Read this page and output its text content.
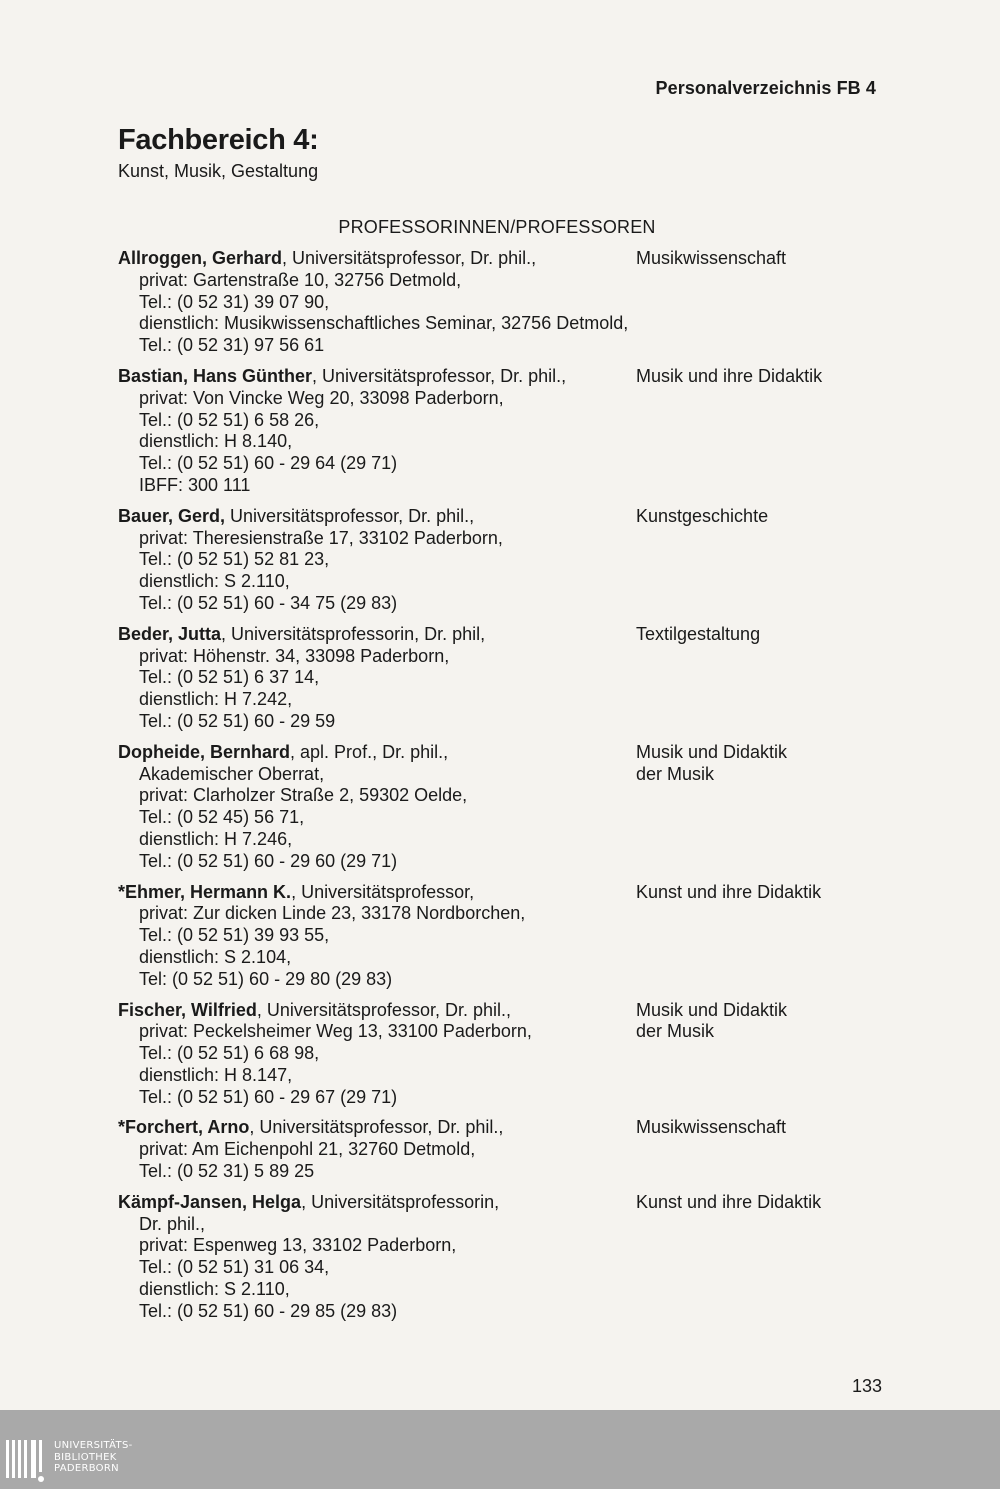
Personalverzeichnis FB 4
Fachbereich 4:
Kunst, Musik, Gestaltung
PROFESSORINNEN/PROFESSOREN
Allroggen, Gerhard, Universitätsprofessor, Dr. phil.,	Musikwissenschaft
privat: Gartenstraße 10, 32756 Detmold,
Tel.: (0 52 31) 39 07 90,
dienstlich: Musikwissenschaftliches Seminar, 32756 Detmold,
Tel.: (0 52 31) 97 56 61
Bastian, Hans Günther, Universitätsprofessor, Dr. phil.,	Musik und ihre Didaktik
privat: Von Vincke Weg 20, 33098 Paderborn,
Tel.: (0 52 51) 6 58 26,
dienstlich: H 8.140,
Tel.: (0 52 51) 60 - 29 64 (29 71)
IBFF: 300 111
Bauer, Gerd, Universitätsprofessor, Dr. phil.,	Kunstgeschichte
privat: Theresienstraße 17, 33102 Paderborn,
Tel.: (0 52 51) 52 81 23,
dienstlich: S 2.110,
Tel.: (0 52 51) 60 - 34 75 (29 83)
Beder, Jutta, Universitätsprofessorin, Dr. phil,	Textilgestaltung
privat: Höhenstr. 34, 33098 Paderborn,
Tel.: (0 52 51) 6 37 14,
dienstlich: H 7.242,
Tel.: (0 52 51) 60 - 29 59
Dopheide, Bernhard, apl. Prof., Dr. phil.,	Musik und Didaktik
der Musik
Akademischer Oberrat,
privat: Clarholzer Straße 2, 59302 Oelde,
Tel.: (0 52 45) 56 71,
dienstlich: H 7.246,
Tel.: (0 52 51) 60 - 29 60 (29 71)
*Ehmer, Hermann K., Universitätsprofessor,	Kunst und ihre Didaktik
privat: Zur dicken Linde 23, 33178 Nordborchen,
Tel.: (0 52 51) 39 93 55,
dienstlich: S 2.104,
Tel: (0 52 51) 60 - 29 80 (29 83)
Fischer, Wilfried, Universitätsprofessor, Dr. phil.,	Musik und Didaktik
der Musik
privat: Peckelsheimer Weg 13, 33100 Paderborn,
Tel.: (0 52 51) 6 68 98,
dienstlich: H 8.147,
Tel.: (0 52 51) 60 - 29 67 (29 71)
*Forchert, Arno, Universitätsprofessor, Dr. phil.,	Musikwissenschaft
privat: Am Eichenpohl 21, 32760 Detmold,
Tel.: (0 52 31) 5 89 25
Kämpf-Jansen, Helga, Universitätsprofessorin,	Kunst und ihre Didaktik
Dr. phil.,
privat: Espenweg 13, 33102 Paderborn,
Tel.: (0 52 51) 31 06 34,
dienstlich: S 2.110,
Tel.: (0 52 51) 60 - 29 85 (29 83)
133
UNIVERSITÄTS-
BIBLIOTHEK
PADERBORN
